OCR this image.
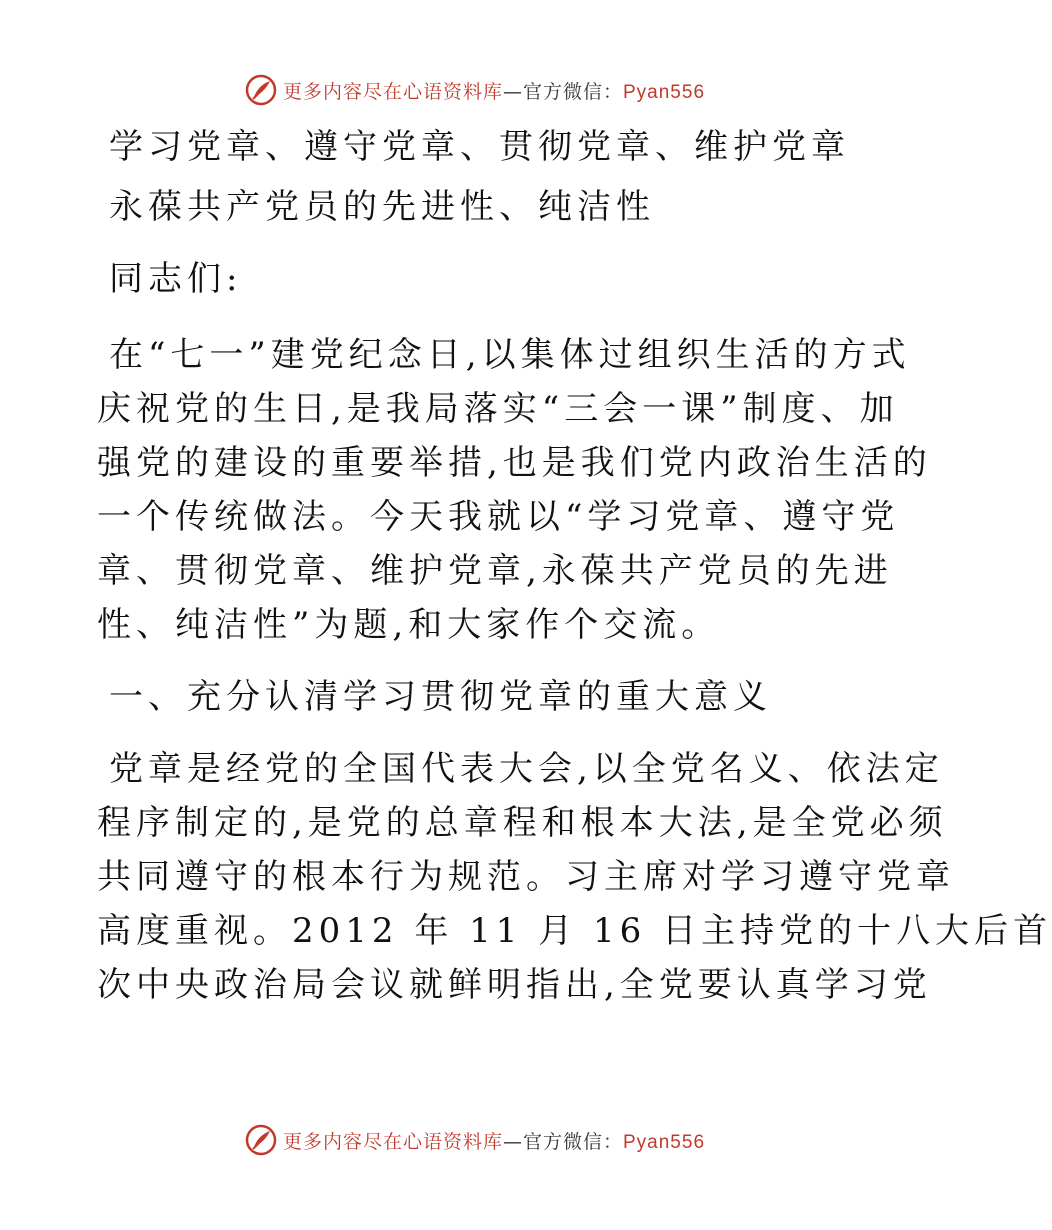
更多内容尽在心语资料库—官方微信：Pyan556
学习党章、遵守党章、贯彻党章、维护党章
永葆共产党员的先进性、纯洁性
同志们:
在“七一”建党纪念日,以集体过组织生活的方式
庆祝党的生日,是我局落实“三会一课”制度、加
强党的建设的重要举措,也是我们党内政治生活的
一个传统做法。今天我就以“学习党章、遵守党
章、贯彻党章、维护党章,永葆共产党员的先进
性、纯洁性”为题,和大家作个交流。
一、充分认清学习贯彻党章的重大意义
党章是经党的全国代表大会,以全党名义、依法定
程序制定的,是党的总章程和根本大法,是全党必须
共同遵守的根本行为规范。习主席对学习遵守党章
高度重视。2012 年 11 月 16 日主持党的十八大后首
次中央政治局会议就鲜明指出,全党要认真学习党
更多内容尽在心语资料库—官方微信：Pyan556
